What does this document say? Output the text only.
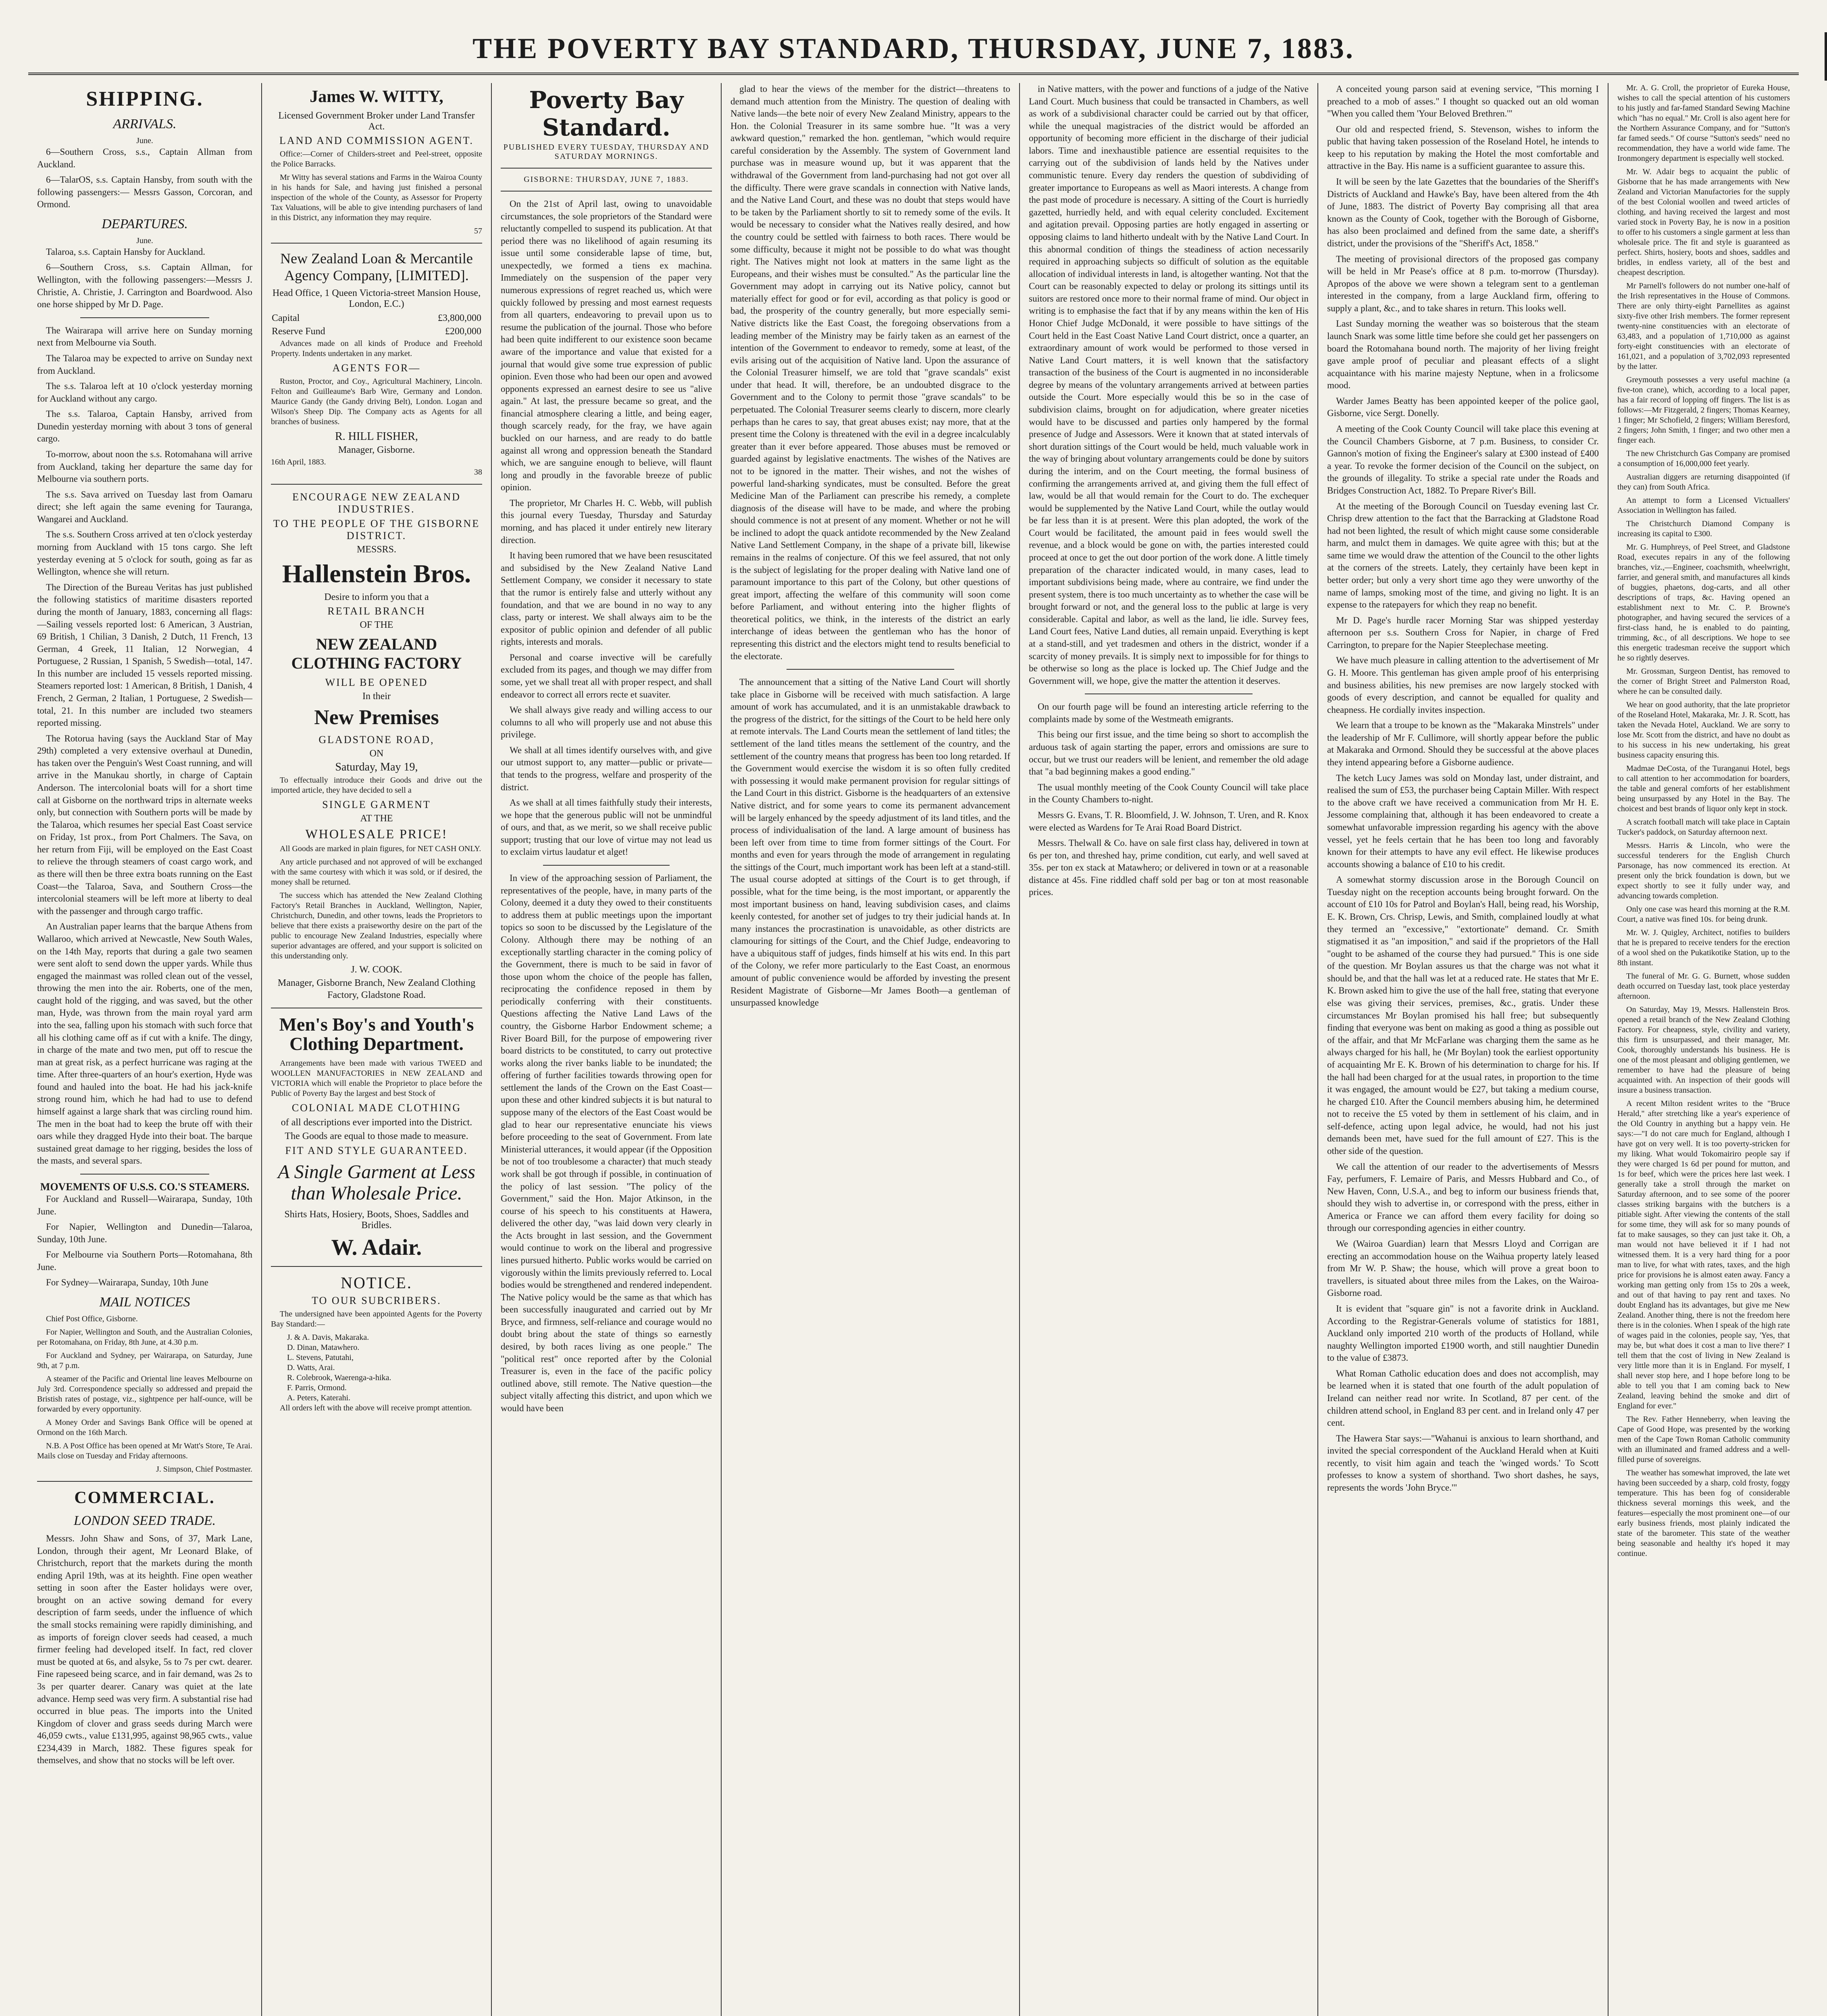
THE POVERTY BAY STANDARD, THURSDAY, JUNE 7, 1883.
SHIPPING.
ARRIVALS.
June.

6—Southern Cross, s.s., Captain Allman from Auckland.

6—TalarOS, s.s. Captain Hansby, from south with the following passengers:— Messrs Gasson, Corcoran, and Ormond.

DEPARTURES.
June.

Talaroa, s.s. Captain Hansby for Auckland.

6—Southern Cross, s.s. Captain Allman, for Wellington, with the following passengers:—Messrs J. Christie, A. Christie, J. Carrington and Boardwood. Also one horse shipped by Mr D. Page.

The Wairarapa will arrive here on Sunday morning next from Melbourne via South.

The Talaroa may be expected to arrive on Sunday next from Auckland.

The s.s. Talaroa left at 10 o'clock yesterday morning for Auckland without any cargo.

The s.s. Talaroa, Captain Hansby, arrived from Dunedin yesterday morning with about 3 tons of general cargo.

To-morrow, about noon the s.s. Rotomahana will arrive from Auckland, taking her departure the same day for Melbourne via southern ports.

The s.s. Sava arrived on Tuesday last from Oamaru direct; she left again the same evening for Tauranga, Wangarei and Auckland.

The s.s. Southern Cross arrived at ten o'clock yesterday morning from Auckland with 15 tons cargo. She left yesterday evening at 5 o'clock for south, going as far as Wellington, whence she will return.

The Direction of the Bureau Veritas has just published the following statistics of maritime disasters reported during the month of January, 1883, concerning all flags:—Sailing vessels reported lost: 6 American, 3 Austrian, 69 British, 1 Chilian, 3 Danish, 2 Dutch, 11 French, 13 German, 4 Greek, 11 Italian, 12 Norwegian, 4 Portuguese, 2 Russian, 1 Spanish, 5 Swedish—total, 147. In this number are included 15 vessels reported missing. Steamers reported lost: 1 American, 8 British, 1 Danish, 4 French, 2 German, 2 Italian, 1 Portuguese, 2 Swedish—total, 21. In this number are included two steamers reported missing.

The Rotorua having (says the Auckland Star of May 29th) completed a very extensive overhaul at Dunedin, has taken over the Penguin's West Coast running, and will arrive in the Manukau shortly, in charge of Captain Anderson. The intercolonial boats will for a short time call at Gisborne on the northward trips in alternate weeks only, but connection with Southern ports will be made by the Talaroa, which resumes her special East Coast service on Friday, 1st prox., from Port Chalmers. The Sava, on her return from Fiji, will be employed on the East Coast to relieve the through steamers of coast cargo work, and as there will then be three extra boats running on the East Coast—the Talaroa, Sava, and Southern Cross—the intercolonial steamers will be left more at liberty to deal with the passenger and through cargo traffic.

An Australian paper learns that the barque Athens from Wallaroo, which arrived at Newcastle, New South Wales, on the 14th May, reports that during a gale two seamen were sent aloft to send down the upper yards. While thus engaged the mainmast was rolled clean out of the vessel, throwing the men into the air. Roberts, one of the men, caught hold of the rigging, and was saved, but the other man, Hyde, was thrown from the main royal yard arm into the sea, falling upon his stomach with such force that all his clothing came off as if cut with a knife. The dingy, in charge of the mate and two men, put off to rescue the man at great risk, as a perfect hurricane was raging at the time. After three-quarters of an hour's exertion, Hyde was found and hauled into the boat. He had his jack-knife strong round him, which he had had to use to defend himself against a large shark that was circling round him. The men in the boat had to keep the brute off with their oars while they dragged Hyde into their boat. The barque sustained great damage to her rigging, besides the loss of the masts, and several spars.

MOVEMENTS OF U.S.S. CO.'S STEAMERS.

For Auckland and Russell—Wairarapa, Sunday, 10th June.

For Napier, Wellington and Dunedin—Talaroa, Sunday, 10th June.

For Melbourne via Southern Ports—Rotomahana, 8th June.

For Sydney—Wairarapa, Sunday, 10th June

MAIL NOTICES

Chief Post Office, Gisborne.

For Napier, Wellington and South, and the Australian Colonies, per Rotomahana, on Friday, 8th June, at 4.30 p.m.

For Auckland and Sydney, per Wairarapa, on Saturday, June 9th, at 7 p.m.

A steamer of the Pacific and Oriental line leaves Melbourne on July 3rd. Correspondence specially so addressed and prepaid the Bristish rates of postage, viz., sightpence per half-ounce, will be forwarded by every opportunity.

A Money Order and Savings Bank Office will be opened at Ormond on the 16th March.

N.B. A Post Office has been opened at Mr Watt's Store, Te Arai. Mails close on Tuesday and Friday afternoons.

J. Simpson, Chief Postmaster.

COMMERCIAL.
LONDON SEED TRADE.

Messrs. John Shaw and Sons, of 37, Mark Lane, London, through their agent, Mr Leonard Blake, of Christchurch, report that the markets during the month ending April 19th, was at its heighth. Fine open weather setting in soon after the Easter holidays were over, brought on an active sowing demand for every description of farm seeds, under the influence of which the small stocks remaining were rapidly diminishing, and as imports of foreign clover seeds had ceased, a much firmer feeling had developed itself. In fact, red clover must be quoted at 6s, and alsyke, 5s to 7s per cwt. dearer. Fine rapeseed being scarce, and in fair demand, was 2s to 3s per quarter dearer. Canary was quiet at the late advance. Hemp seed was very firm. A substantial rise had occurred in blue peas. The imports into the United Kingdom of clover and grass seeds during March were 46,059 cwts., value £131,995, against 98,965 cwts., value £234,439 in March, 1882. These figures speak for themselves, and show that no stocks will be left over.

James W. WITTY,
Licensed Government Broker under Land Transfer Act.
LAND AND COMMISSION AGENT.

Office:—Corner of Childers-street and Peel-street, opposite the Police Barracks.

Mr Witty has several stations and Farms in the Wairoa County in his hands for Sale, and having just finished a personal inspection of the whole of the County, as Assessor for Property Tax Valuations, will be able to give intending purchasers of land in this District, any information they may require.

57
New Zealand Loan & Mercantile Agency Company, [LIMITED].
Head Office, 1 Queen Victoria-street Mansion House, London, E.C.)
Capital	£3,800,000
Reserve Fund	£200,000

Advances made on all kinds of Produce and Freehold Property. Indents undertaken in any market.

AGENTS FOR—

Ruston, Proctor, and Coy., Agricultural Machinery, Lincoln. Felton and Guilleaume's Barb Wire, Germany and London. Maurice Gandy (the Gandy driving Belt), London. Logan and Wilson's Sheep Dip. The Company acts as Agents for all branches of business.

R. HILL FISHER,
Manager, Gisborne.
16th April, 1883.
38
ENCOURAGE NEW ZEALAND INDUSTRIES.
TO THE PEOPLE OF THE GISBORNE DISTRICT.
MESSRS.
Hallenstein Bros.
Desire to inform you that a
RETAIL BRANCH
OF THE
NEW ZEALAND CLOTHING FACTORY
WILL BE OPENED
In their
New Premises
GLADSTONE ROAD,
ON
Saturday, May 19,

To effectually introduce their Goods and drive out the imported article, they have decided to sell a

SINGLE GARMENT
AT THE
WHOLESALE PRICE!

All Goods are marked in plain figures, for NET CASH ONLY.

Any article purchased and not approved of will be exchanged with the same courtesy with which it was sold, or if desired, the money shall be returned.

The success which has attended the New Zealand Clothing Factory's Retail Branches in Auckland, Wellington, Napier, Christchurch, Dunedin, and other towns, leads the Proprietors to believe that there exists a praiseworthy desire on the part of the public to encourage New Zealand Industries, especially where superior advantages are offered, and your support is solicited on this understanding only.

J. W. COOK.
Manager, Gisborne Branch, New Zealand Clothing Factory, Gladstone Road.
Men's Boy's and Youth's Clothing Department.

Arrangements have been made with various TWEED and WOOLLEN MANUFACTORIES in NEW ZEALAND and VICTORIA which will enable the Proprietor to place before the Public of Poverty Bay the largest and best Stock of

COLONIAL MADE CLOTHING
of all descriptions ever imported into the District.
The Goods are equal to those made to measure.
FIT AND STYLE GUARANTEED.
A Single Garment at Less than Wholesale Price.
Shirts Hats, Hosiery, Boots, Shoes, Saddles and Bridles.
W. Adair.
NOTICE.
TO OUR SUBCRIBERS.

The undersigned have been appointed Agents for the Poverty Bay Standard:—

J. & A. Davis, Makaraka.
D. Dinan, Matawhero.
L. Stevens, Patutahi,
D. Watts, Arai.
R. Colebrook, Waerenga-a-hika.
F. Parris, Ormond.
A. Peters, Katerahi.

All orders left with the above will receive prompt attention.

Poverty Bay Standard.
PUBLISHED EVERY TUESDAY, THURSDAY AND SATURDAY MORNINGS.
GISBORNE: THURSDAY, JUNE 7, 1883.

On the 21st of April last, owing to unavoidable circumstances, the sole proprietors of the Standard were reluctantly compelled to suspend its publication. At that period there was no likelihood of again resuming its issue until some considerable lapse of time, but, unexpectedly, we formed a tiens ex machina. Immediately on the suspension of the paper very numerous expressions of regret reached us, which were quickly followed by pressing and most earnest requests from all quarters, endeavoring to prevail upon us to resume the publication of the journal. Those who before had been quite indifferent to our existence soon became aware of the importance and value that existed for a journal that would give some true expression of public opinion. Even those who had been our open and avowed opponents expressed an earnest desire to see us "alive again." At last, the pressure became so great, and the financial atmosphere clearing a little, and being eager, though scarcely ready, for the fray, we have again buckled on our harness, and are ready to do battle against all wrong and oppression beneath the Standard which, we are sanguine enough to believe, will flaunt long and proudly in the favorable breeze of public opinion.

The proprietor, Mr Charles H. C. Webb, will publish this journal every Tuesday, Thursday and Saturday morning, and has placed it under entirely new literary direction.

It having been rumored that we have been resuscitated and subsidised by the New Zealand Native Land Settlement Company, we consider it necessary to state that the rumor is entirely false and utterly without any foundation, and that we are bound in no way to any class, party or interest. We shall always aim to be the expositor of public opinion and defender of all public rights, interests and morals.

Personal and coarse invective will be carefully excluded from its pages, and though we may differ from some, yet we shall treat all with proper respect, and shall endeavor to correct all errors recte et suaviter.

We shall always give ready and willing access to our columns to all who will properly use and not abuse this privilege.

We shall at all times identify ourselves with, and give our utmost support to, any matter—public or private—that tends to the progress, welfare and prosperity of the district.

As we shall at all times faithfully study their interests, we hope that the generous public will not be unmindful of ours, and that, as we merit, so we shall receive public support; trusting that our love of virtue may not lead us to exclaim virtus laudatur et alget!

In view of the approaching session of Parliament, the representatives of the people, have, in many parts of the Colony, deemed it a duty they owed to their constituents to address them at public meetings upon the important topics so soon to be discussed by the Legislature of the Colony. Although there may be nothing of an exceptionally startling character in the coming policy of the Government, there is much to be said in favor of those upon whom the choice of the people has fallen, reciprocating the confidence reposed in them by periodically conferring with their constituents. Questions affecting the Native Land Laws of the country, the Gisborne Harbor Endowment scheme; a River Board Bill, for the purpose of empowering river board districts to be constituted, to carry out protective works along the river banks liable to be inundated; the offering of further facilities towards throwing open for settlement the lands of the Crown on the East Coast—upon these and other kindred subjects it is but natural to suppose many of the electors of the East Coast would be glad to hear our representative enunciate his views before proceeding to the seat of Government. From late Ministerial utterances, it would appear (if the Opposition be not of too troublesome a character) that much steady work shall be got through if possible, in continuation of the policy of last session. "The policy of the Government," said the Hon. Major Atkinson, in the course of his speech to his constituents at Hawera, delivered the other day, "was laid down very clearly in the Acts brought in last session, and the Government would continue to work on the liberal and progressive lines pursued hitherto. Public works would be carried on vigorously within the limits previously referred to. Local bodies would be strengthened and rendered independent. The Native policy would be the same as that which has been successfully inaugurated and carried out by Mr Bryce, and firmness, self-reliance and courage would no doubt bring about the state of things so earnestly desired, by both races living as one people." The "political rest" once reported after by the Colonial Treasurer is, even in the face of the pacific policy outlined above, still remote. The Native question—the subject vitally affecting this district, and upon which we would have been

glad to hear the views of the member for the district—threatens to demand much attention from the Ministry. The question of dealing with Native lands—the bete noir of every New Zealand Ministry, appears to the Hon. the Colonial Treasurer in its same sombre hue. "It was a very awkward question," remarked the hon. gentleman, "which would require careful consideration by the Assembly. The system of Government land purchase was in measure wound up, but it was apparent that the withdrawal of the Government from land-purchasing had not got over all the difficulty. There were grave scandals in connection with Native lands, and the Native Land Court, and these was no doubt that steps would have to be taken by the Parliament shortly to sit to remedy some of the evils. It would be necessary to consider what the Natives really desired, and how the country could be settled with fairness to both races. There would be some difficulty, because it might not be possible to do what was thought right. The Natives might not look at matters in the same light as the Europeans, and their wishes must be consulted." As the particular line the Government may adopt in carrying out its Native policy, cannot but materially effect for good or for evil, according as that policy is good or bad, the prosperity of the country generally, but more especially semi-Native districts like the East Coast, the foregoing observations from a leading member of the Ministry may be fairly taken as an earnest of the intention of the Government to endeavor to remedy, some at least, of the evils arising out of the acquisition of Native land. Upon the assurance of the Colonial Treasurer himself, we are told that "grave scandals" exist under that head. It will, therefore, be an undoubted disgrace to the Government and to the Colony to permit those "grave scandals" to be perpetuated. The Colonial Treasurer seems clearly to discern, more clearly perhaps than he cares to say, that great abuses exist; nay more, that at the present time the Colony is threatened with the evil in a degree incalculably greater than it ever before appeared. Those abuses must be removed or guarded against by legislative enactments. The wishes of the Natives are not to be ignored in the matter. Their wishes, and not the wishes of powerful land-sharking syndicates, must be consulted. Before the great Medicine Man of the Parliament can prescribe his remedy, a complete diagnosis of the disease will have to be made, and where the probing should commence is not at present of any moment. Whether or not he will be inclined to adopt the quack antidote recommended by the New Zealand Native Land Settlement Company, in the shape of a private bill, likewise remains in the realms of conjecture. Of this we feel assured, that not only is the subject of legislating for the proper dealing with Native land one of paramount importance to this part of the Colony, but other questions of great import, affecting the welfare of this community will soon come before Parliament, and without entering into the higher flights of theoretical politics, we think, in the interests of the district an early interchange of ideas between the gentleman who has the honor of representing this district and the electors might tend to results beneficial to the electorate.

The announcement that a sitting of the Native Land Court will shortly take place in Gisborne will be received with much satisfaction. A large amount of work has accumulated, and it is an unmistakable drawback to the progress of the district, for the sittings of the Court to be held here only at remote intervals. The Land Courts mean the settlement of land titles; the settlement of the land titles means the settlement of the country, and the settlement of the country means that progress has been too long retarded. If the Government would exercise the wisdom it is so often fully credited with possessing it would make permanent provision for regular sittings of the Land Court in this district. Gisborne is the headquarters of an extensive Native district, and for some years to come its permanent advancement will be largely enhanced by the speedy adjustment of its land titles, and the process of individualisation of the land. A large amount of business has been left over from time to time from former sittings of the Court. For months and even for years through the mode of arrangement in regulating the sittings of the Court, much important work has been left at a stand-still. The usual course adopted at sittings of the Court is to get through, if possible, what for the time being, is the most important, or apparently the most important business on hand, leaving subdivision cases, and claims keenly contested, for another set of judges to try their judicial hands at. In many instances the procrastination is unavoidable, as other districts are clamouring for sittings of the Court, and the Chief Judge, endeavoring to have a ubiquitous staff of judges, finds himself at his wits end. In this part of the Colony, we refer more particularly to the East Coast, an enormous amount of public convenience would be afforded by investing the present Resident Magistrate of Gisborne—Mr James Booth—a gentleman of unsurpassed knowledge

in Native matters, with the power and functions of a judge of the Native Land Court. Much business that could be transacted in Chambers, as well as work of a subdivisional character could be carried out by that officer, while the unequal magistracies of the district would be afforded an opportunity of becoming more efficient in the discharge of their judicial labors. Time and inexhaustible patience are essential requisites to the carrying out of the subdivision of lands held by the Natives under communistic tenure. Every day renders the question of subdividing of greater importance to Europeans as well as Maori interests. A change from the past mode of procedure is necessary. A sitting of the Court is hurriedly gazetted, hurriedly held, and with equal celerity concluded. Excitement and agitation prevail. Opposing parties are hotly engaged in asserting or opposing claims to land hitherto undealt with by the Native Land Court. In this abnormal condition of things the steadiness of action necessarily required in approaching subjects so difficult of solution as the equitable allocation of individual interests in land, is altogether wanting. Not that the Court can be reasonably expected to delay or prolong its sittings until its suitors are restored once more to their normal frame of mind. Our object in writing is to emphasise the fact that if by any means within the ken of His Honor Chief Judge McDonald, it were possible to have sittings of the Court held in the East Coast Native Land Court district, once a quarter, an extraordinary amount of work would be performed to those versed in Native Land Court matters, it is well known that the satisfactory transaction of the business of the Court is augmented in no inconsiderable degree by means of the voluntary arrangements arrived at between parties outside the Court. More especially would this be so in the case of subdivision claims, brought on for adjudication, where greater niceties would have to be discussed and parties only hampered by the formal presence of Judge and Assessors. Were it known that at stated intervals of short duration sittings of the Court would be held, much valuable work in the way of bringing about voluntary arrangements could be done by suitors during the interim, and on the Court meeting, the formal business of confirming the arrangements arrived at, and giving them the full effect of law, would be all that would remain for the Court to do. The exchequer would be supplemented by the Native Land Court, while the outlay would be far less than it is at present. Were this plan adopted, the work of the Court would be facilitated, the amount paid in fees would swell the revenue, and a block would be gone on with, the parties interested could proceed at once to get the out door portion of the work done. A little timely preparation of the character indicated would, in many cases, lead to important subdivisions being made, where au contraire, we find under the present system, there is too much uncertainty as to whether the case will be brought forward or not, and the general loss to the public at large is very considerable. Capital and labor, as well as the land, lie idle. Survey fees, Land Court fees, Native Land duties, all remain unpaid. Everything is kept at a stand-still, and yet tradesmen and others in the district, wonder if a scarcity of money prevails. It is simply next to impossible for for things to be otherwise so long as the place is locked up. The Chief Judge and the Government will, we hope, give the matter the attention it deserves.

On our fourth page will be found an interesting article referring to the complaints made by some of the Westmeath emigrants.

This being our first issue, and the time being so short to accomplish the arduous task of again starting the paper, errors and omissions are sure to occur, but we trust our readers will be lenient, and remember the old adage that "a bad beginning makes a good ending."

The usual monthly meeting of the Cook County Council will take place in the County Chambers to-night.

Messrs G. Evans, T. R. Bloomfield, J. W. Johnson, T. Uren, and R. Knox were elected as Wardens for Te Arai Road Board District.

Messrs. Thelwall & Co. have on sale first class hay, delivered in town at 6s per ton, and threshed hay, prime condition, cut early, and well saved at 35s. per ton ex stack at Matawhero; or delivered in town or at a reasonable distance at 45s. Fine riddled chaff sold per bag or ton at most reasonable prices.

A conceited young parson said at evening service, "This morning I preached to a mob of asses." I thought so quacked out an old woman "When you called them 'Your Beloved Brethren.'"

Our old and respected friend, S. Stevenson, wishes to inform the public that having taken possession of the Roseland Hotel, he intends to keep to his reputation by making the Hotel the most comfortable and attractive in the Bay. His name is a sufficient guarantee to assure this.

It will be seen by the late Gazettes that the boundaries of the Sheriff's Districts of Auckland and Hawke's Bay, have been altered from the 4th of June, 1883. The district of Poverty Bay comprising all that area known as the County of Cook, together with the Borough of Gisborne, has also been proclaimed and defined from the same date, a sheriff's district, under the provisions of the "Sheriff's Act, 1858."

The meeting of provisional directors of the proposed gas company will be held in Mr Pease's office at 8 p.m. to-morrow (Thursday). Apropos of the above we were shown a telegram sent to a gentleman interested in the company, from a large Auckland firm, offering to supply a plant, &c., and to take shares in return. This looks well.

Last Sunday morning the weather was so boisterous that the steam launch Snark was some little time before she could get her passengers on board the Rotomahana bound north. The majority of her living freight gave ample proof of peculiar and pleasant effects of a slight acquaintance with his marine majesty Neptune, when in a frolicsome mood.

Warder James Beatty has been appointed keeper of the police gaol, Gisborne, vice Sergt. Donelly.

A meeting of the Cook County Council will take place this evening at the Council Chambers Gisborne, at 7 p.m. Business, to consider Cr. Gannon's motion of fixing the Engineer's salary at £300 instead of £400 a year. To revoke the former decision of the Council on the subject, on the grounds of illegality. To strike a special rate under the Roads and Bridges Construction Act, 1882. To Prepare River's Bill.

At the meeting of the Borough Council on Tuesday evening last Cr. Chrisp drew attention to the fact that the Barracking at Gladstone Road had not been lighted, the result of which might cause some considerable harm, and mulct them in damages. We quite agree with this; but at the same time we would draw the attention of the Council to the other lights at the corners of the streets. Lately, they certainly have been kept in better order; but only a very short time ago they were unworthy of the name of lamps, smoking most of the time, and giving no light. It is an expense to the ratepayers for which they reap no benefit.

Mr D. Page's hurdle racer Morning Star was shipped yesterday afternoon per s.s. Southern Cross for Napier, in charge of Fred Carrington, to prepare for the Napier Steeplechase meeting.

We have much pleasure in calling attention to the advertisement of Mr G. H. Moore. This gentleman has given ample proof of his enterprising and business abilities, his new premises are now largely stocked with goods of every description, and cannot be equalled for quality and cheapness. He cordially invites inspection.

We learn that a troupe to be known as the "Makaraka Minstrels" under the leadership of Mr F. Cullimore, will shortly appear before the public at Makaraka and Ormond. Should they be successful at the above places they intend appearing before a Gisborne audience.

The ketch Lucy James was sold on Monday last, under distraint, and realised the sum of £53, the purchaser being Captain Miller. With respect to the above craft we have received a communication from Mr H. E. Jessome complaining that, although it has been endeavored to create a somewhat unfavorable impression regarding his agency with the above vessel, yet he feels certain that he has been too long and favorably known for their attempts to have any evil effect. He likewise produces accounts showing a balance of £10 to his credit.

A somewhat stormy discussion arose in the Borough Council on Tuesday night on the reception accounts being brought forward. On the account of £10 10s for Patrol and Boylan's Hall, being read, his Worship, E. K. Brown, Crs. Chrisp, Lewis, and Smith, complained loudly at what they termed an "excessive," "extortionate" demand. Cr. Smith stigmatised it as "an imposition," and said if the proprietors of the Hall "ought to be ashamed of the course they had pursued." This is one side of the question. Mr Boylan assures us that the charge was not what it should be, and that the hall was let at a reduced rate. He states that Mr E. K. Brown asked him to give the use of the hall free, stating that everyone else was giving their services, premises, &c., gratis. Under these circumstances Mr Boylan promised his hall free; but subsequently finding that everyone was bent on making as good a thing as possible out of the affair, and that Mr McFarlane was charging them the same as he always charged for his hall, he (Mr Boylan) took the earliest opportunity of acquainting Mr E. K. Brown of his determination to charge for his. If the hall had been charged for at the usual rates, in proportion to the time it was engaged, the amount would be £27, but taking a medium course, he charged £10. After the Council members abusing him, he determined not to receive the £5 voted by them in settlement of his claim, and in self-defence, acting upon legal advice, he would, had not his just demands been met, have sued for the full amount of £27. This is the other side of the question.

We call the attention of our reader to the advertisements of Messrs Fay, perfumers, F. Lemaire of Paris, and Messrs Hubbard and Co., of New Haven, Conn, U.S.A., and beg to inform our business friends that, should they wish to advertise in, or correspond with the press, either in America or France we can afford them every facility for doing so through our corresponding agencies in either country.

We (Wairoa Guardian) learn that Messrs Lloyd and Corrigan are erecting an accommodation house on the Waihua property lately leased from Mr W. P. Shaw; the house, which will prove a great boon to travellers, is situated about three miles from the Lakes, on the Wairoa-Gisborne road.

It is evident that "square gin" is not a favorite drink in Auckland. According to the Registrar-Generals volume of statistics for 1881, Auckland only imported 210 worth of the products of Holland, while naughty Wellington imported £1900 worth, and still naughtier Dunedin to the value of £3873.

What Roman Catholic education does and does not accomplish, may be learned when it is stated that one fourth of the adult population of Ireland can neither read nor write. In Scotland, 87 per cent. of the children attend school, in England 83 per cent. and in Ireland only 47 per cent.

The Hawera Star says:—"Wahanui is anxious to learn shorthand, and invited the special correspondent of the Auckland Herald when at Kuiti recently, to visit him again and teach the 'winged words.' To Scott professes to know a system of shorthand. Two short dashes, he says, represents the words 'John Bryce.'"

Mr. A. G. Croll, the proprietor of Eureka House, wishes to call the special attention of his customers to his justly and far-famed Standard Sewing Machine which "has no equal." Mr. Croll is also agent here for the Northern Assurance Company, and for "Sutton's far famed seeds." Of course "Sutton's seeds" need no recommendation, they have a world wide fame. The Ironmongery department is especially well stocked.

Mr. W. Adair begs to acquaint the public of Gisborne that he has made arrangements with New Zealand and Victorian Manufactories for the supply of the best Colonial woollen and tweed articles of clothing, and having received the largest and most varied stock in Poverty Bay, he is now in a position to offer to his customers a single garment at less than wholesale price. The fit and style is guaranteed as perfect. Shirts, hosiery, boots and shoes, saddles and bridles, in endless variety, all of the best and cheapest description.

Mr Parnell's followers do not number one-half of the Irish representatives in the House of Commons. There are only thirty-eight Parnellites as against sixty-five other Irish members. The former represent twenty-nine constituencies with an electorate of 63,483, and a population of 1,710,000 as against forty-eight constituencies with an electorate of 161,021, and a population of 3,702,093 represented by the latter.

Greymouth possesses a very useful machine (a five-ton crane), which, according to a local paper, has a fair record of lopping off fingers. The list is as follows:—Mr Fitzgerald, 2 fingers; Thomas Kearney, 1 finger; Mr Schofield, 2 fingers; William Beresford, 2 fingers; John Smith, 1 finger; and two other men a finger each.

The new Christchurch Gas Company are promised a consumption of 16,000,000 feet yearly.

Australian diggers are returning disappointed (if they can) from South Africa.

An attempt to form a Licensed Victuallers' Association in Wellington has failed.

The Christchurch Diamond Company is increasing its capital to £300.

Mr. G. Humphreys, of Peel Street, and Gladstone Road, executes repairs in any of the following branches, viz.,—Engineer, coachsmith, wheelwright, farrier, and general smith, and manufactures all kinds of buggies, phaetons, dog-carts, and all other descriptions of traps, &c. Having opened an establishment next to Mr. C. P. Browne's photographer, and having secured the services of a first-class hand, he is enabled to do painting, trimming, &c., of all descriptions. We hope to see this energetic tradesman receive the support which he so rightly deserves.

Mr. Grossman, Surgeon Dentist, has removed to the corner of Bright Street and Palmerston Road, where he can be consulted daily.

We hear on good authority, that the late proprietor of the Roseland Hotel, Makaraka, Mr. J. R. Scott, has taken the Nevada Hotel, Auckland. We are sorry to lose Mr. Scott from the district, and have no doubt as to his success in his new undertaking, his great business capacity ensuring this.

Madmae DeCosta, of the Turanganui Hotel, begs to call attention to her accommodation for boarders, the table and general comforts of her establishment being unsurpassed by any Hotel in the Bay. The choicest and best brands of liquor only kept in stock.

A scratch football match will take place in Captain Tucker's paddock, on Saturday afternoon next.

Messrs. Harris & Lincoln, who were the successful tenderers for the English Church Parsonage, has now commenced its erection. At present only the brick foundation is down, but we expect shortly to see it fully under way, and advancing towards completion.

Only one case was heard this morning at the R.M. Court, a native was fined 10s. for being drunk.

Mr. W. J. Quigley, Architect, notifies to builders that he is prepared to receive tenders for the erection of a wool shed on the Pukatikotike Station, up to the 8th instant.

The funeral of Mr. G. G. Burnett, whose sudden death occurred on Tuesday last, took place yesterday afternoon.

On Saturday, May 19, Messrs. Hallenstein Bros. opened a retail branch of the New Zealand Clothing Factory. For cheapness, style, civility and variety, this firm is unsurpassed, and their manager, Mr. Cook, thoroughly understands his business. He is one of the most pleasant and obliging gentlemen, we remember to have had the pleasure of being acquainted with. An inspection of their goods will insure a business transaction.

A recent Milton resident writes to the "Bruce Herald," after stretching like a year's experience of the Old Country in anything but a happy vein. He says:—"I do not care much for England, although I have got on very well. It is too poverty-stricken for my liking. What would Tokomairiro people say if they were charged 1s 6d per pound for mutton, and 1s for beef, which were the prices here last week. I generally take a stroll through the market on Saturday afternoon, and to see some of the poorer classes striking bargains with the butchers is a pitiable sight. After viewing the contents of the stall for some time, they will ask for so many pounds of fat to make sausages, so they can just take it. Oh, a man would not have believed it if I had not witnessed them. It is a very hard thing for a poor man to live, for what with rates, taxes, and the high price for provisions he is almost eaten away. Fancy a working man getting only from 15s to 20s a week, and out of that having to pay rent and taxes. No doubt England has its advantages, but give me New Zealand. Another thing, there is not the freedom here there is in the colonies. When I speak of the high rate of wages paid in the colonies, people say, 'Yes, that may be, but what does it cost a man to live there?' I tell them that the cost of living in New Zealand is very little more than it is in England. For myself, I shall never stop here, and I hope before long to be able to tell you that I am coming back to New Zealand, leaving behind the smoke and dirt of England for ever."

The Rev. Father Henneberry, when leaving the Cape of Good Hope, was presented by the working men of the Cape Town Roman Catholic community with an illuminated and framed address and a well-filled purse of sovereigns.

The weather has somewhat improved, the late wet having been succeeded by a sharp, cold frosty, foggy temperature. This has been fog of considerable thickness several mornings this week, and the features—especially the most prominent one—of our early business friends, most plainly indicated the state of the barometer. This state of the weather being seasonable and healthy it's hoped it may continue.
